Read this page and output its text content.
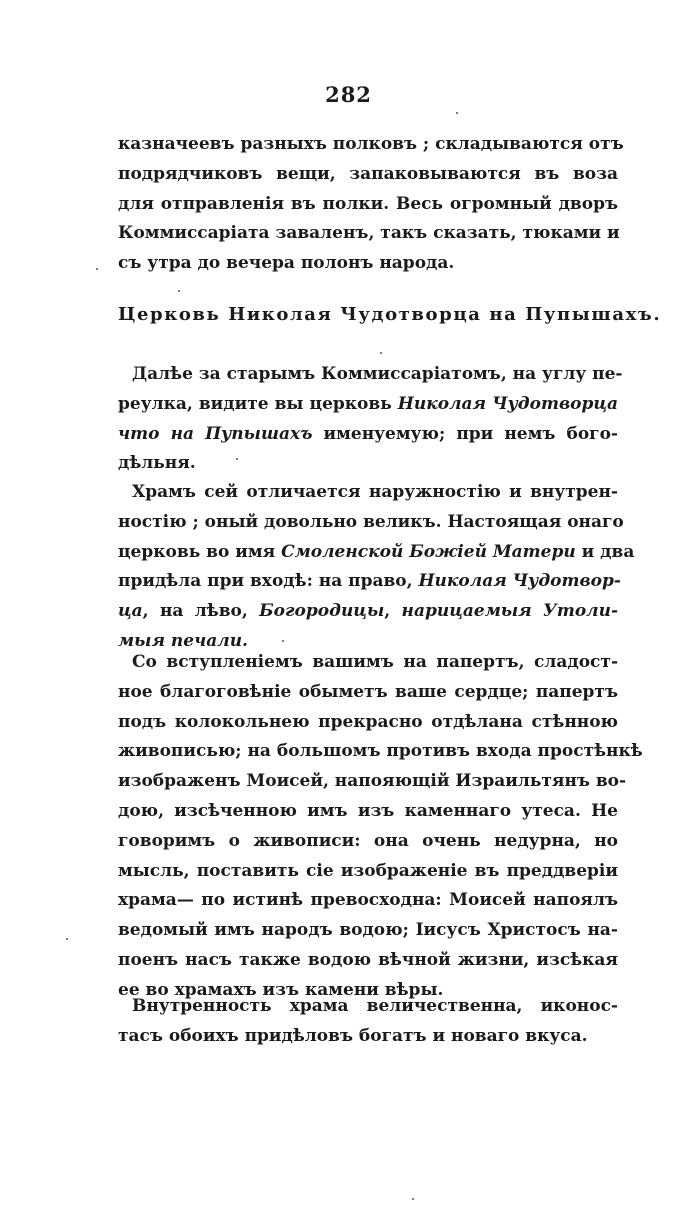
282
казначеевъ разныхъ полковъ ; складываются отъ
подрядчиковъ вещи, запаковываются въ воза
для отправленія въ полки. Весь огромный дворъ
Коммиссаріата заваленъ, такъ сказать, тюками и
съ утра до вечера полонъ народа.
Церковь Николая Чудотворца на Пупышахъ.
Далѣе за старымъ Коммиссаріатомъ, на углу пе-
реулка, видите вы церковь Николая Чудотворца
что на Пупышахъ именуемую; при немъ бого-
дѣльня.
Храмъ сей отличается наружностію и внутрен-
ностію ; оный довольно великъ. Настоящая онаго
церковь во имя Смоленской Божіей Матери и два
придѣла при входѣ: на право, Николая Чудотвор-
ца, на лѣво, Богородицы, нарицаемыя Утоли-
мыя печали.
Со вступленіемъ вашимъ на папертъ, сладост-
ное благоговѣніе обыметъ ваше сердце; папертъ
подъ колокольнею прекрасно отдѣлана стѣнною
живописью; на большомъ противъ входа простѣнкѣ
изображенъ Моисей, напояющій Израильтянъ во-
дою, изсѣченною имъ изъ каменнаго утеса. Не
говоримъ о живописи: она очень недурна, но
мысль, поставить сіе изображеніе въ преддверіи
храма— по истинѣ превосходна: Моисей напоялъ
ведомый имъ народъ водою; Іисусъ Христосъ на-
поенъ насъ также водою вѣчной жизни, изсѣкая
ее во храмахъ изъ камени вѣры.
Внутренность храма величественна, иконос-
тасъ обоихъ придѣловъ богатъ и новаго вкуса.
